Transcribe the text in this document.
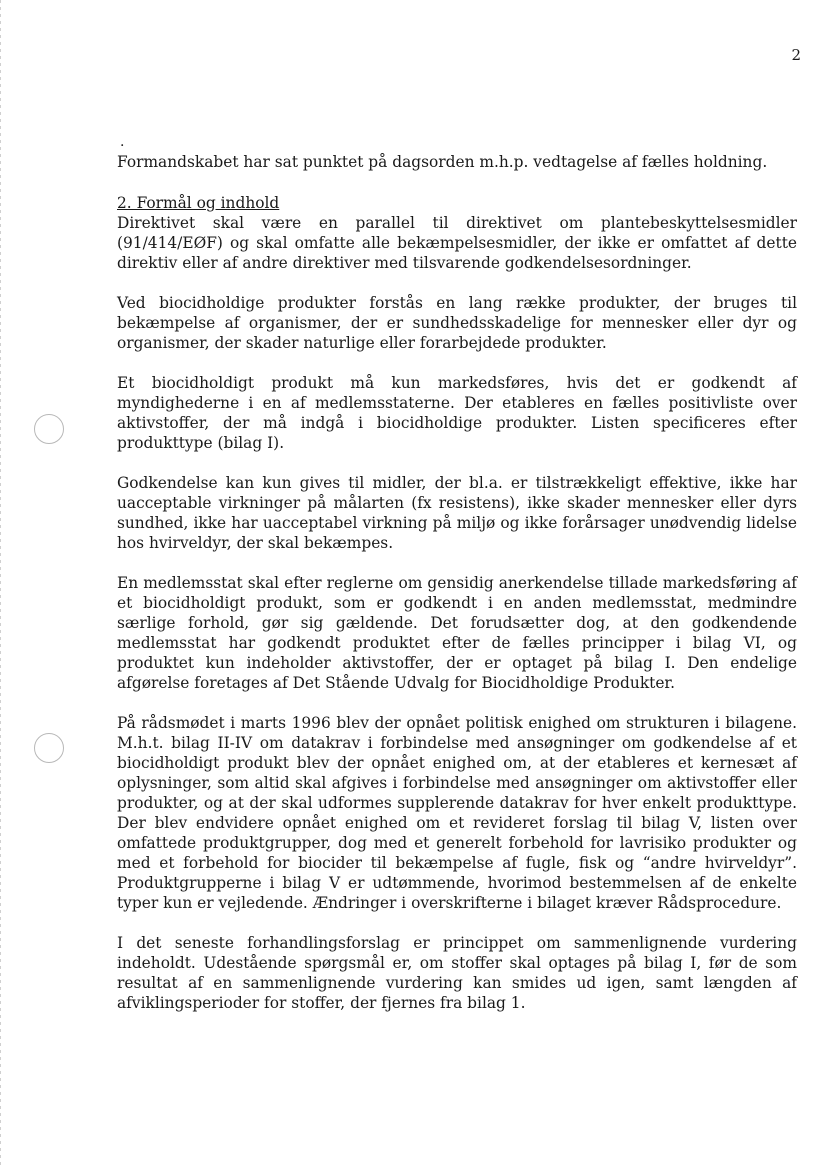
2
·

Formandskabet har sat punktet på dagsorden m.h.p. vedtagelse af fælles holdning.

2. Formål og indhold

Direktivet skal være en parallel til direktivet om plantebeskyttelsesmidler (91/414/EØF) og skal omfatte alle bekæmpelsesmidler, der ikke er omfattet af dette direktiv eller af andre direktiver med tilsvarende godkendelsesordninger.

Ved biocidholdige produkter forstås en lang række produkter, der bruges til bekæmpelse af organismer, der er sundhedsskadelige for mennesker eller dyr og organismer, der skader naturlige eller forarbejdede produkter.

Et biocidholdigt produkt må kun markedsføres, hvis det er godkendt af myndighederne i en af medlemsstaterne. Der etableres en fælles positivliste over aktivstoffer, der må indgå i biocidholdige produkter. Listen specificeres efter produkttype (bilag I).

Godkendelse kan kun gives til midler, der bl.a. er tilstrækkeligt effektive, ikke har uacceptable virkninger på målarten (fx resistens), ikke skader mennesker eller dyrs sundhed, ikke har uacceptabel virkning på miljø og ikke forårsager unødvendig lidelse hos hvirveldyr, der skal bekæmpes.

En medlemsstat skal efter reglerne om gensidig anerkendelse tillade markedsføring af et biocidholdigt produkt, som er godkendt i en anden medlemsstat, medmindre særlige forhold, gør sig gældende. Det forudsætter dog, at den godkendende medlemsstat har godkendt produktet efter de fælles principper i bilag VI, og produktet kun indeholder aktivstoffer, der er optaget på bilag I. Den endelige afgørelse foretages af Det Stående Udvalg for Biocidholdige Produkter.

På rådsmødet i marts 1996 blev der opnået politisk enighed om strukturen i bilagene. M.h.t. bilag II-IV om datakrav i forbindelse med ansøgninger om godkendelse af et biocidholdigt produkt blev der opnået enighed om, at der etableres et kernesæt af oplysninger, som altid skal afgives i forbindelse med ansøgninger om aktivstoffer eller produkter, og at der skal udformes supplerende datakrav for hver enkelt produkttype. Der blev endvidere opnået enighed om et revideret forslag til bilag V, listen over omfattede produktgrupper, dog med et generelt forbehold for lavrisiko produkter og med et forbehold for biocider til bekæmpelse af fugle, fisk og “andre hvirveldyr”. Produktgrupperne i bilag V er udtømmende, hvorimod bestemmelsen af de enkelte typer kun er vejledende. Ændringer i overskrifterne i bilaget kræver Rådsprocedure.

I det seneste forhandlingsforslag er princippet om sammenlignende vurdering indeholdt. Udestående spørgsmål er, om stoffer skal optages på bilag I, før de som resultat af en sammenlignende vurdering kan smides ud igen, samt længden af afviklingsperioder for stoffer, der fjernes fra bilag 1.
